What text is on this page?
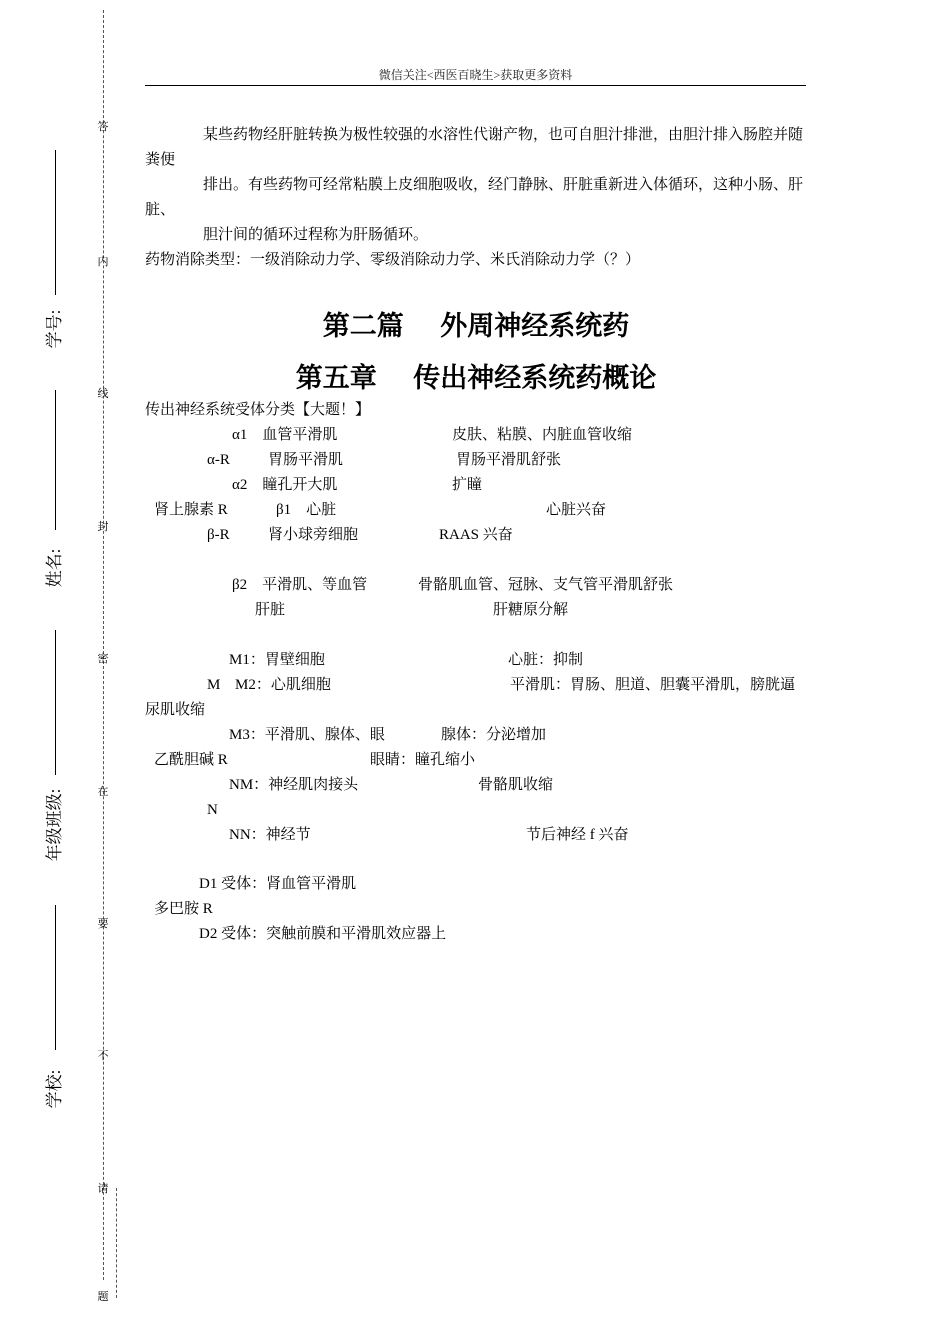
答
内
线
封
密
在
要
不
请
题
学号:
姓名:
年级班级:
学校:
微信关注<西医百晓生>获取更多资料
某些药物经肝脏转换为极性较强的水溶性代谢产物，也可自胆汁排泄，由胆汁排入肠腔并随粪便
排出。有些药物可经常粘膜上皮细胞吸收，经门静脉、肝脏重新进入体循环，这种小肠、肝脏、
胆汁间的循环过程称为肝肠循环。
药物消除类型：一级消除动力学、零级消除动力学、米氏消除动力学（？）
第二篇　 外周神经系统药
第五章　 传出神经系统药概论
传出神经系统受体分类【大题！】
α1　血管平滑肌	皮肤、粘膜、内脏血管收缩
α-R	胃肠平滑肌	胃肠平滑肌舒张
α2　瞳孔开大肌	扩瞳
肾上腺素 R	β1　心脏	心脏兴奋
β-R	肾小球旁细胞	RAAS 兴奋
β2　平滑肌、等血管	骨骼肌血管、冠脉、支气管平滑肌舒张
肝脏	肝糖原分解
M1：胃壁细胞	心脏：抑制
M M2：心肌细胞	平滑肌：胃肠、胆道、胆囊平滑肌，膀胱逼
尿肌收缩
M3：平滑肌、腺体、眼	腺体：分泌增加
乙酰胆碱 R	眼睛：瞳孔缩小
NM：神经肌肉接头	骨骼肌收缩
N
NN：神经节	节后神经 f 兴奋
D1 受体：肾血管平滑肌
多巴胺 R
D2 受体：突触前膜和平滑肌效应器上
